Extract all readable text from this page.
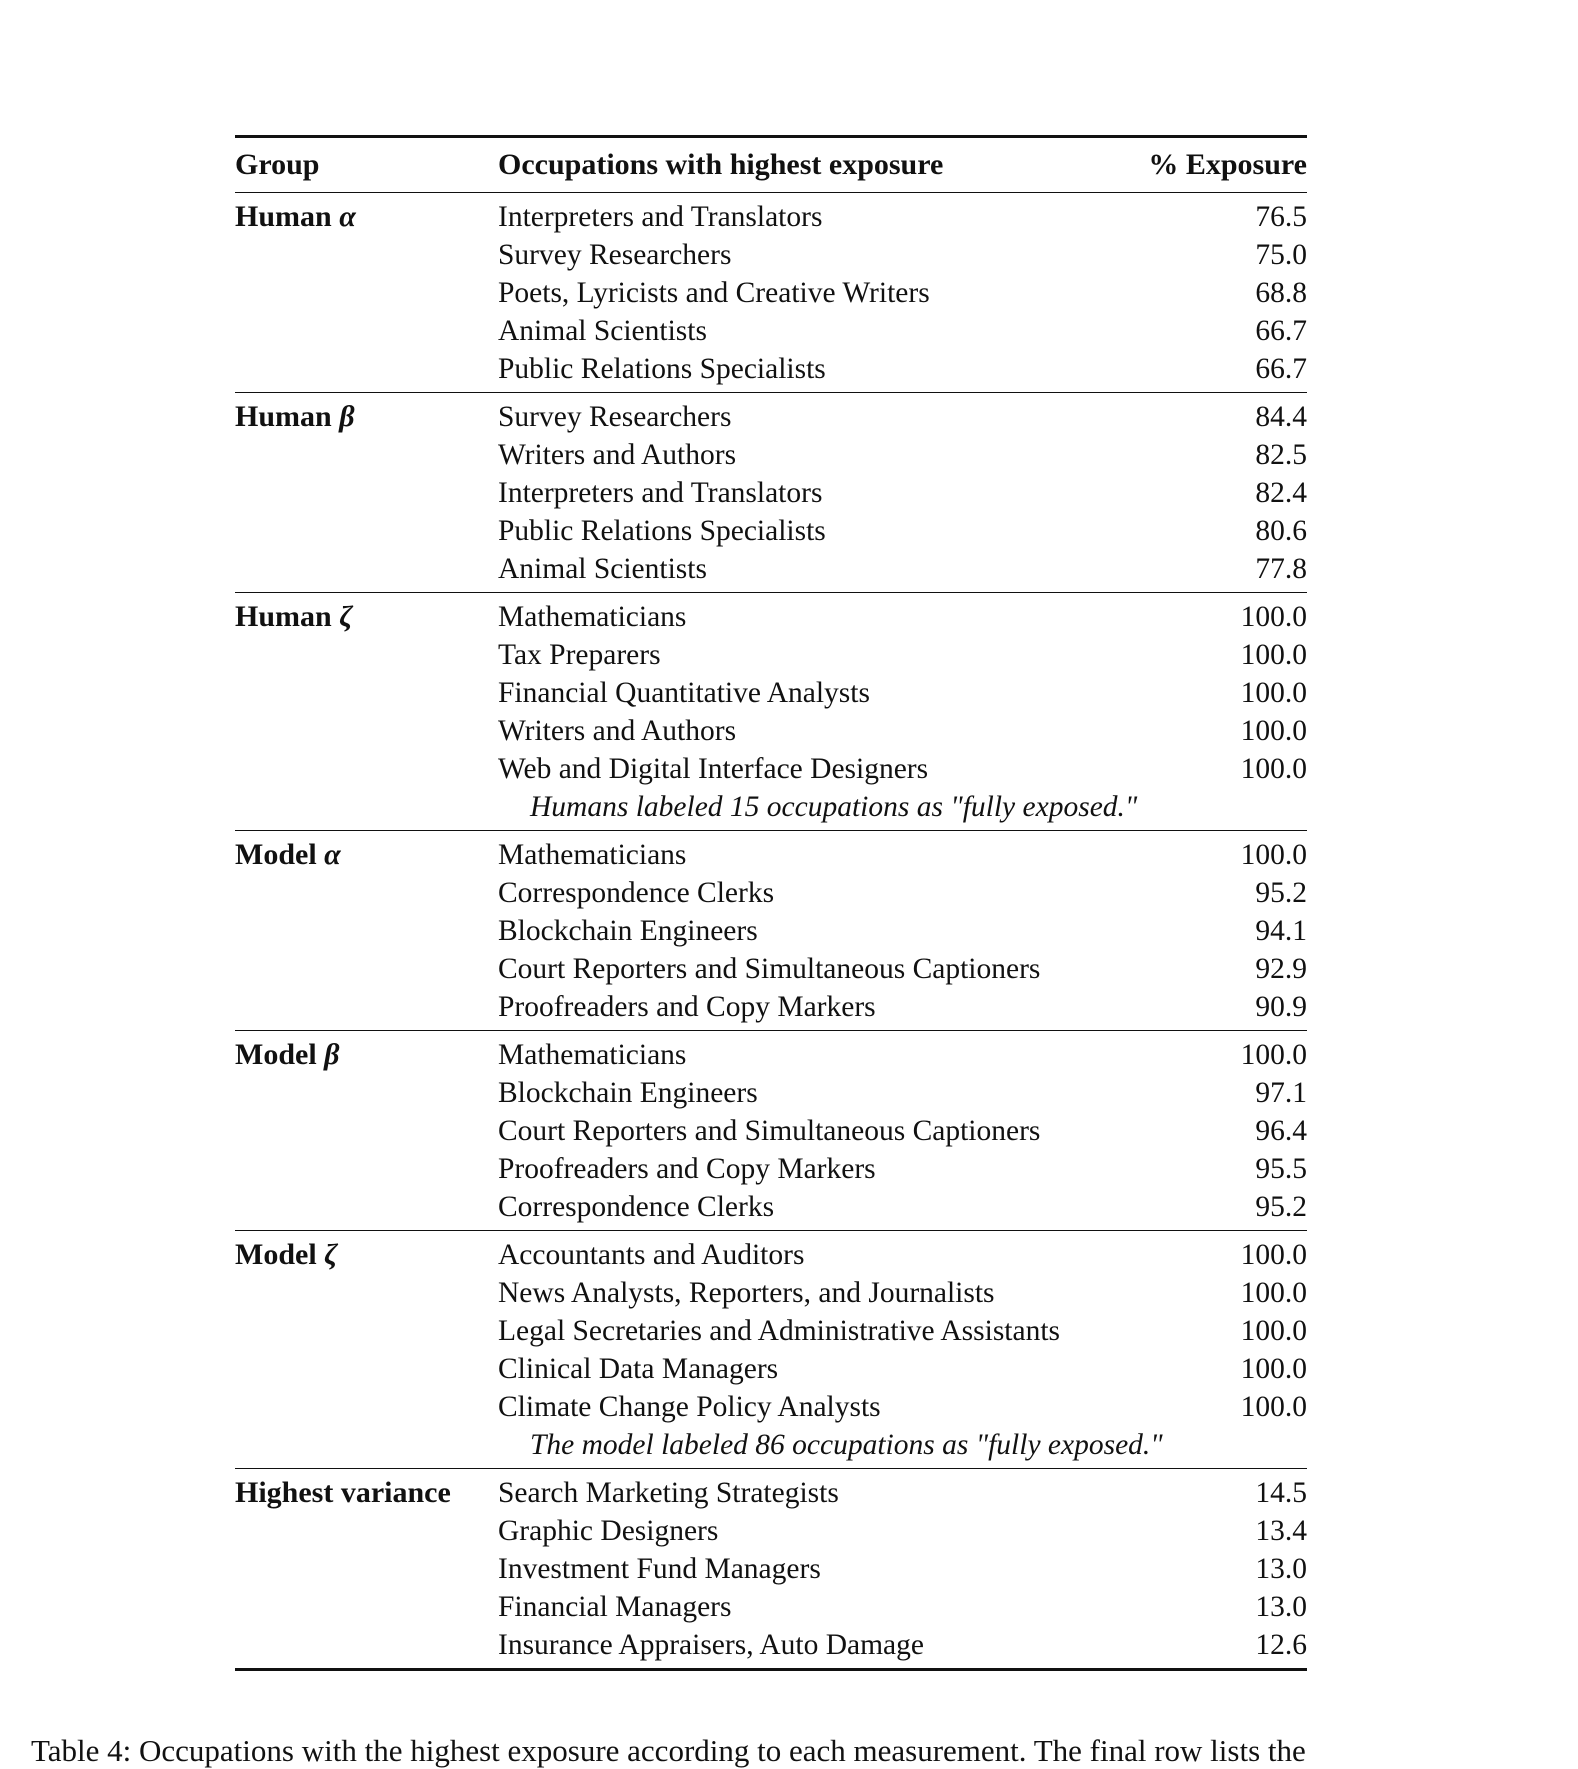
Group	Occupations with highest exposure	% Exposure
Human α	Interpreters and Translators	76.5
Survey Researchers	75.0
Poets, Lyricists and Creative Writers	68.8
Animal Scientists	66.7
Public Relations Specialists	66.7
Human β	Survey Researchers	84.4
Writers and Authors	82.5
Interpreters and Translators	82.4
Public Relations Specialists	80.6
Animal Scientists	77.8
Human ζ	Mathematicians	100.0
Tax Preparers	100.0
Financial Quantitative Analysts	100.0
Writers and Authors	100.0
Web and Digital Interface Designers	100.0
Humans labeled 15 occupations as "fully exposed."
Model α	Mathematicians	100.0
Correspondence Clerks	95.2
Blockchain Engineers	94.1
Court Reporters and Simultaneous Captioners	92.9
Proofreaders and Copy Markers	90.9
Model β	Mathematicians	100.0
Blockchain Engineers	97.1
Court Reporters and Simultaneous Captioners	96.4
Proofreaders and Copy Markers	95.5
Correspondence Clerks	95.2
Model ζ	Accountants and Auditors	100.0
News Analysts, Reporters, and Journalists	100.0
Legal Secretaries and Administrative Assistants	100.0
Clinical Data Managers	100.0
Climate Change Policy Analysts	100.0
The model labeled 86 occupations as "fully exposed."
Highest variance	Search Marketing Strategists	14.5
Graphic Designers	13.4
Investment Fund Managers	13.0
Financial Managers	13.0
Insurance Appraisers, Auto Damage	12.6
Table 4: Occupations with the highest exposure according to each measurement. The final row lists the
